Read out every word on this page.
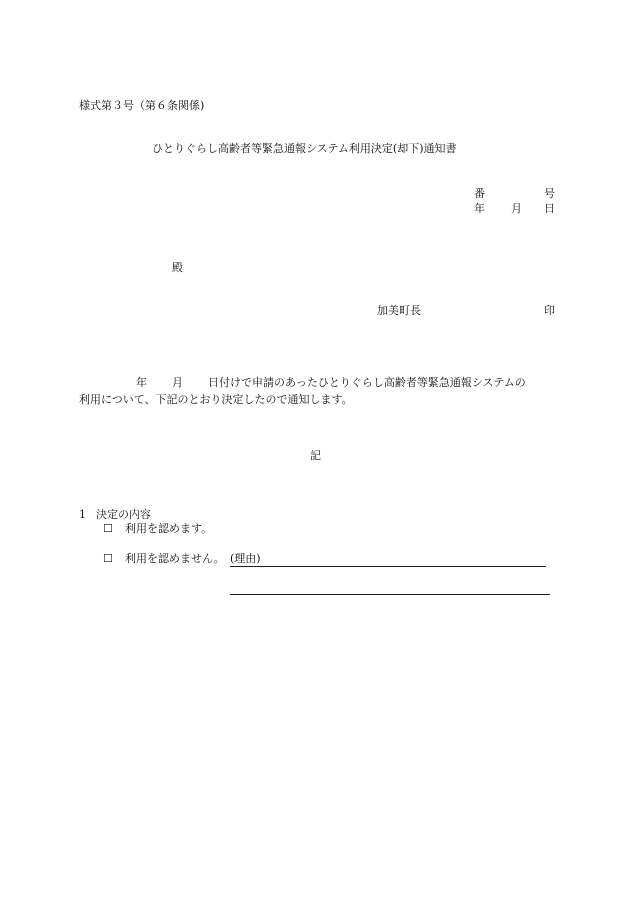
様式第３号（第６条関係)
ひとりぐらし高齢者等緊急通報システム利用決定(却下)通知書
番	号
年 月 日
殿
加美町長	印
年 月 日付けで申請のあったひとりぐらし高齢者等緊急通報システムの
利用について、下記のとおり決定したので通知します。
記
1 決定の内容
☐ 利用を認めます。
☐ 利用を認めません。 (理由)
